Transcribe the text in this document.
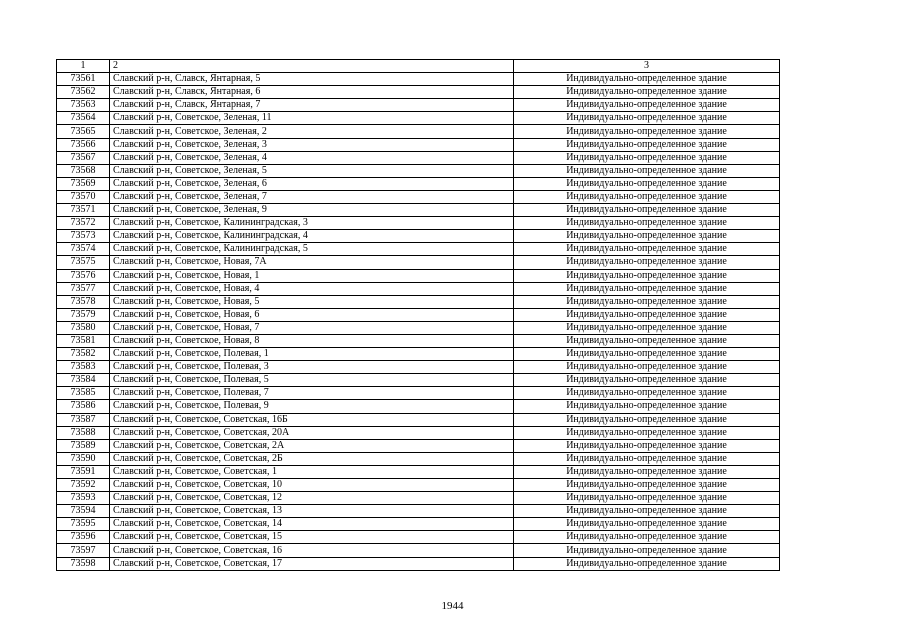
1	2	3
73561	Славский р-н, Славск, Янтарная, 5	Индивидуально-определенное здание
73562	Славский р-н, Славск, Янтарная, 6	Индивидуально-определенное здание
73563	Славский р-н, Славск, Янтарная, 7	Индивидуально-определенное здание
73564	Славский р-н, Советское, Зеленая, 11	Индивидуально-определенное здание
73565	Славский р-н, Советское, Зеленая, 2	Индивидуально-определенное здание
73566	Славский р-н, Советское, Зеленая, 3	Индивидуально-определенное здание
73567	Славский р-н, Советское, Зеленая, 4	Индивидуально-определенное здание
73568	Славский р-н, Советское, Зеленая, 5	Индивидуально-определенное здание
73569	Славский р-н, Советское, Зеленая, 6	Индивидуально-определенное здание
73570	Славский р-н, Советское, Зеленая, 7	Индивидуально-определенное здание
73571	Славский р-н, Советское, Зеленая, 9	Индивидуально-определенное здание
73572	Славский р-н, Советское, Калининградская, 3	Индивидуально-определенное здание
73573	Славский р-н, Советское, Калининградская, 4	Индивидуально-определенное здание
73574	Славский р-н, Советское, Калининградская, 5	Индивидуально-определенное здание
73575	Славский р-н, Советское, Новая, 7А	Индивидуально-определенное здание
73576	Славский р-н, Советское, Новая, 1	Индивидуально-определенное здание
73577	Славский р-н, Советское, Новая, 4	Индивидуально-определенное здание
73578	Славский р-н, Советское, Новая, 5	Индивидуально-определенное здание
73579	Славский р-н, Советское, Новая, 6	Индивидуально-определенное здание
73580	Славский р-н, Советское, Новая, 7	Индивидуально-определенное здание
73581	Славский р-н, Советское, Новая, 8	Индивидуально-определенное здание
73582	Славский р-н, Советское, Полевая, 1	Индивидуально-определенное здание
73583	Славский р-н, Советское, Полевая, 3	Индивидуально-определенное здание
73584	Славский р-н, Советское, Полевая, 5	Индивидуально-определенное здание
73585	Славский р-н, Советское, Полевая, 7	Индивидуально-определенное здание
73586	Славский р-н, Советское, Полевая, 9	Индивидуально-определенное здание
73587	Славский р-н, Советское, Советская, 16Б	Индивидуально-определенное здание
73588	Славский р-н, Советское, Советская, 20А	Индивидуально-определенное здание
73589	Славский р-н, Советское, Советская, 2А	Индивидуально-определенное здание
73590	Славский р-н, Советское, Советская, 2Б	Индивидуально-определенное здание
73591	Славский р-н, Советское, Советская, 1	Индивидуально-определенное здание
73592	Славский р-н, Советское, Советская, 10	Индивидуально-определенное здание
73593	Славский р-н, Советское, Советская, 12	Индивидуально-определенное здание
73594	Славский р-н, Советское, Советская, 13	Индивидуально-определенное здание
73595	Славский р-н, Советское, Советская, 14	Индивидуально-определенное здание
73596	Славский р-н, Советское, Советская, 15	Индивидуально-определенное здание
73597	Славский р-н, Советское, Советская, 16	Индивидуально-определенное здание
73598	Славский р-н, Советское, Советская, 17	Индивидуально-определенное здание
1944
